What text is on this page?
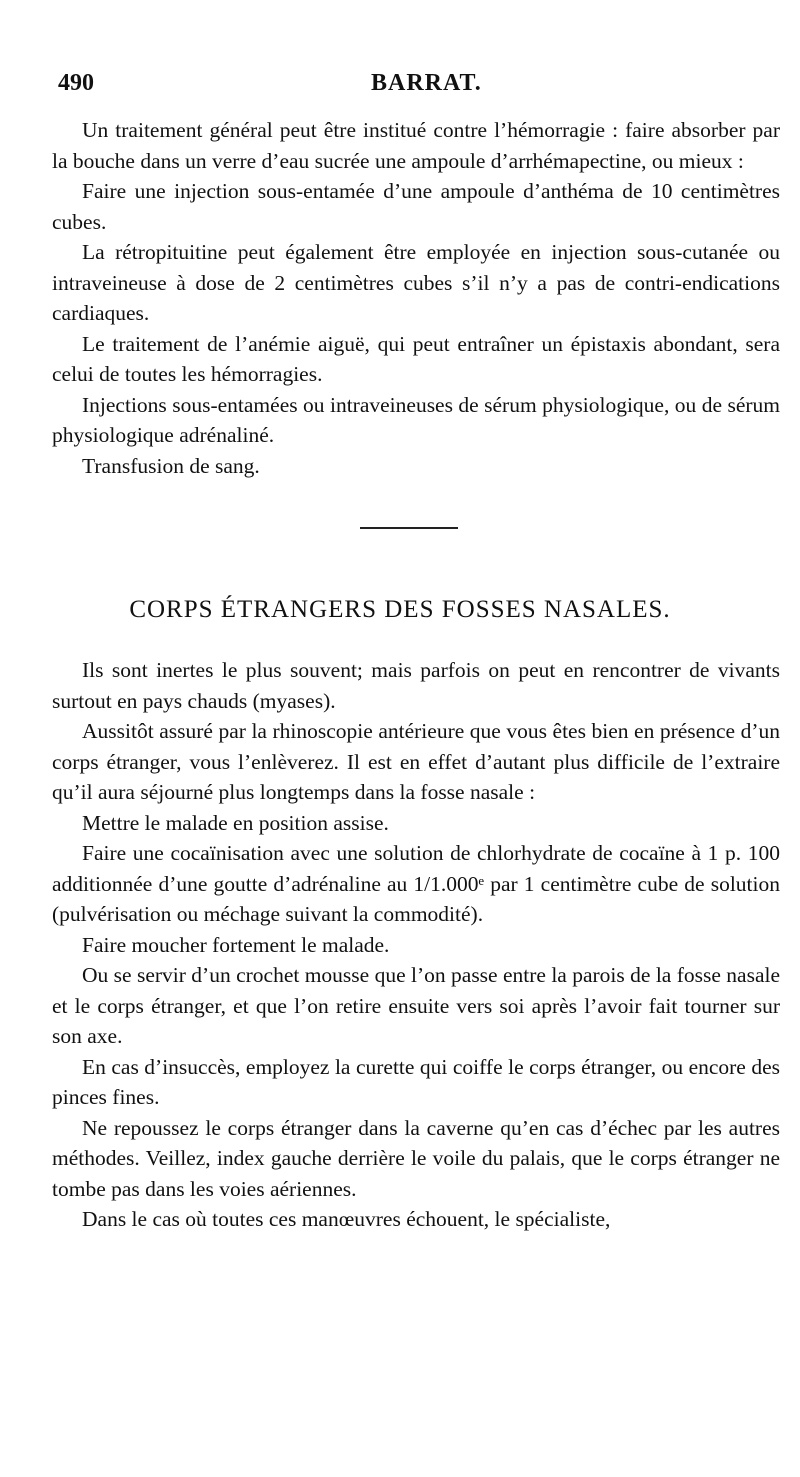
490	BARRAT.

Un traitement général peut être institué contre l’hémorragie : faire absorber par la bouche dans un verre d’eau sucrée une ampoule d’arrhémapectine, ou mieux :

Faire une injection sous-entamée d’une ampoule d’anthéma de 10 centimètres cubes.

La rétropituitine peut également être employée en injection sous-cutanée ou intraveineuse à dose de 2 centimètres cubes s’il n’y a pas de contri-endications cardiaques.

Le traitement de l’anémie aiguë, qui peut entraîner un épistaxis abondant, sera celui de toutes les hémorragies.

Injections sous-entamées ou intraveineuses de sérum physiologique, ou de sérum physiologique adrénaliné.

Transfusion de sang.

CORPS ÉTRANGERS DES FOSSES NASALES.

Ils sont inertes le plus souvent; mais parfois on peut en rencontrer de vivants surtout en pays chauds (myases).

Aussitôt assuré par la rhinoscopie antérieure que vous êtes bien en présence d’un corps étranger, vous l’enlèverez. Il est en effet d’autant plus difficile de l’extraire qu’il aura séjourné plus longtemps dans la fosse nasale :

Mettre le malade en position assise.

Faire une cocaïnisation avec une solution de chlorhydrate de cocaïne à 1 p. 100 additionnée d’une goutte d’adrénaline au 1/1.000ᵉ par 1 centimètre cube de solution (pulvérisation ou méchage suivant la commodité).

Faire moucher fortement le malade.

Ou se servir d’un crochet mousse que l’on passe entre la parois de la fosse nasale et le corps étranger, et que l’on retire ensuite vers soi après l’avoir fait tourner sur son axe.

En cas d’insuccès, employez la curette qui coiffe le corps étranger, ou encore des pinces fines.

Ne repoussez le corps étranger dans la caverne qu’en cas d’échec par les autres méthodes. Veillez, index gauche derrière le voile du palais, que le corps étranger ne tombe pas dans les voies aériennes.

Dans le cas où toutes ces manœuvres échouent, le spécialiste,
